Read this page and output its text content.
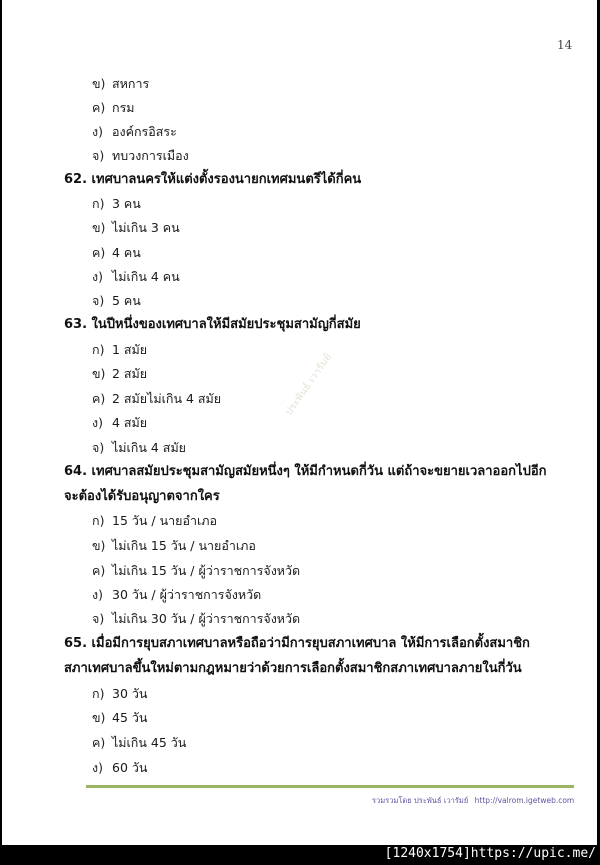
14
ประพันธ์ เวารัมย์
ข) สหการ
ค) กรม
ง) องค์กรอิสระ
จ) ทบวงการเมือง
62. เทศบาลนครให้แต่งตั้งรองนายกเทศมนตรีได้กี่คน
ก) 3 คน
ข) ไม่เกิน 3 คน
ค) 4 คน
ง) ไม่เกิน 4 คน
จ) 5 คน
63. ในปีหนึ่งของเทศบาลให้มีสมัยประชุมสามัญกี่สมัย
ก) 1 สมัย
ข) 2 สมัย
ค) 2 สมัยไม่เกิน 4 สมัย
ง) 4 สมัย
จ) ไม่เกิน 4 สมัย
64. เทศบาลสมัยประชุมสามัญสมัยหนึ่งๆ ให้มีกำหนดกี่วัน แต่ถ้าจะขยายเวลาออกไปอีก
จะต้องได้รับอนุญาตจากใคร
ก) 15 วัน / นายอำเภอ
ข) ไม่เกิน 15 วัน / นายอำเภอ
ค) ไม่เกิน 15 วัน / ผู้ว่าราชการจังหวัด
ง) 30 วัน / ผู้ว่าราชการจังหวัด
จ) ไม่เกิน 30 วัน / ผู้ว่าราชการจังหวัด
65. เมื่อมีการยุบสภาเทศบาลหรือถือว่ามีการยุบสภาเทศบาล ให้มีการเลือกตั้งสมาชิก
สภาเทศบาลขึ้นใหม่ตามกฎหมายว่าด้วยการเลือกตั้งสมาชิกสภาเทศบาลภายในกี่วัน
ก) 30 วัน
ข) 45 วัน
ค) ไม่เกิน 45 วัน
ง) 60 วัน
รวมรวมโดย ประพันธ์ เวารัมย์ http://valrom.igetweb.com
[1240x1754]https://upic.me/
